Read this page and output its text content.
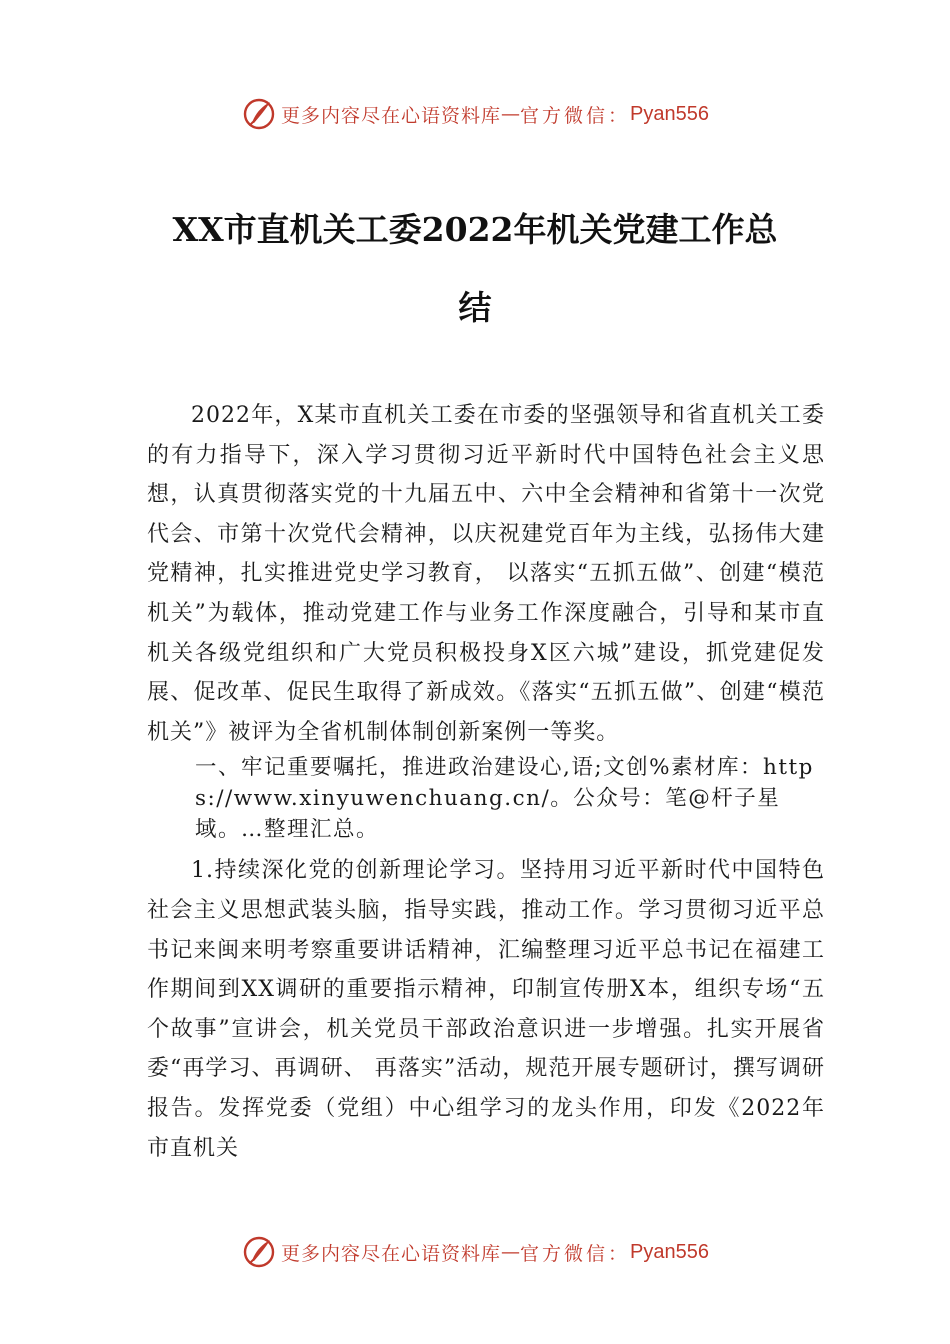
更多内容尽在心语资料库 — 官方微信： Pyan556
XX市直机关工委2022年机关党建工作总
结

2022年，X某市直机关工委在市委的坚强领导和省直机关工委的有力指导下，深入学习贯彻习近平新时代中国特色社会主义思想，认真贯彻落实党的十九届五中、六中全会精神和省第十一次党代会、市第十次党代会精神，以庆祝建党百年为主线，弘扬伟大建党精神，扎实推进党史学习教育， 以落实“五抓五做”、创建“模范机关”为载体，推动党建工作与业务工作深度融合，引导和某市直机关各级党组织和广大党员积极投身X区六城”建设，抓党建促发展、促改革、促民生取得了新成效。《落实“五抓五做”、创建“模范机关”》被评为全省机制体制创新案例一等奖。

一、牢记重要嘱托，推进政治建设心,语;文创%素材库：https://www.xinyuwenchuang.cn/。公众号：笔@杆子星域。…整理汇总。

1.持续深化党的创新理论学习。坚持用习近平新时代中国特色社会主义思想武装头脑，指导实践，推动工作。学习贯彻习近平总书记来闽来明考察重要讲话精神，汇编整理习近平总书记在福建工作期间到XX调研的重要指示精神，印制宣传册X本，组织专场“五个故事”宣讲会，机关党员干部政治意识进一步增强。扎实开展省委“再学习、再调研、 再落实”活动，规范开展专题研讨，撰写调研报告。发挥党委（党组）中心组学习的龙头作用，印发《2022年市直机关

更多内容尽在心语资料库 — 官方微信： Pyan556
